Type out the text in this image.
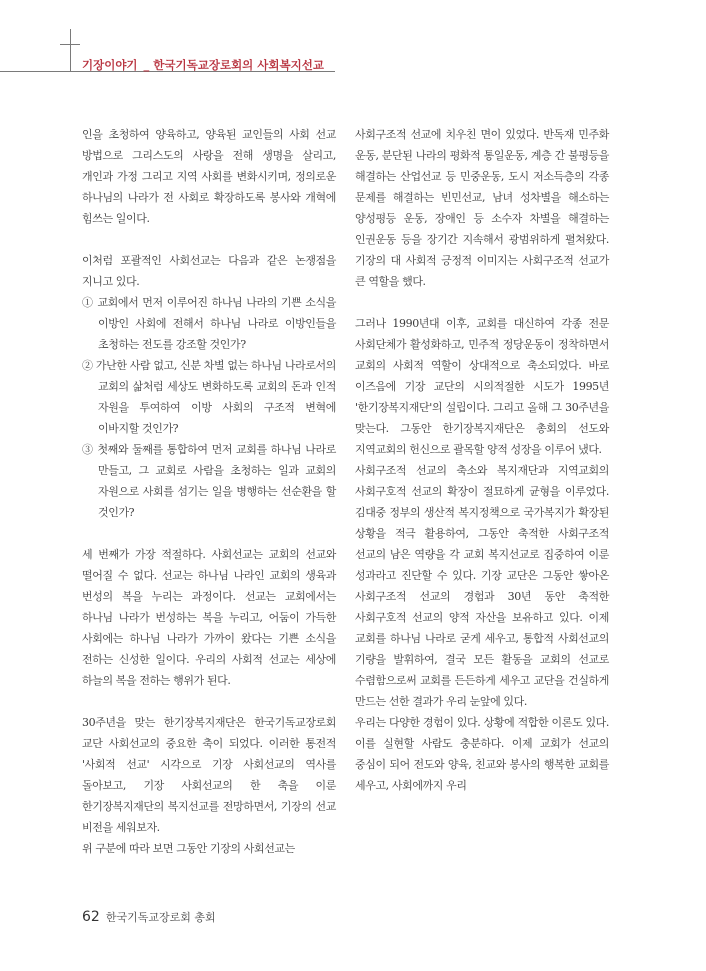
기장이야기 _ 한국기독교장로회의 사회복지선교

인을 초청하여 양육하고, 양육된 교인들의 사회 선교 방법으로 그리스도의 사랑을 전해 생명을 살리고, 개인과 가정 그리고 지역 사회를 변화시키며, 정의로운 하나님의 나라가 전 사회로 확장하도록 봉사와 개혁에 힘쓰는 일이다.

이처럼 포괄적인 사회선교는 다음과 같은 논쟁점을 지니고 있다.

① 교회에서 먼저 이루어진 하나님 나라의 기쁜 소식을 이방인 사회에 전해서 하나님 나라로 이방인들을 초청하는 전도를 강조할 것인가?

② 가난한 사람 없고, 신분 차별 없는 하나님 나라로서의 교회의 삶처럼 세상도 변화하도록 교회의 돈과 인적 자원을 투여하여 이방 사회의 구조적 변혁에 이바지할 것인가?

③ 첫째와 둘째를 통합하여 먼저 교회를 하나님 나라로 만들고, 그 교회로 사람을 초청하는 일과 교회의 자원으로 사회를 섬기는 일을 병행하는 선순환을 할 것인가?

세 번째가 가장 적절하다. 사회선교는 교회의 선교와 떨어질 수 없다. 선교는 하나님 나라인 교회의 생육과 번성의 복을 누리는 과정이다. 선교는 교회에서는 하나님 나라가 번성하는 복을 누리고, 어둠이 가득한 사회에는 하나님 나라가 가까이 왔다는 기쁜 소식을 전하는 신성한 일이다. 우리의 사회적 선교는 세상에 하늘의 복을 전하는 행위가 된다.

30주년을 맞는 한기장복지재단은 한국기독교장로회 교단 사회선교의 중요한 축이 되었다. 이러한 통전적 '사회적 선교' 시각으로 기장 사회선교의 역사를 돌아보고, 기장 사회선교의 한 축을 이룬 한기장복지재단의 복지선교를 전망하면서, 기장의 선교 비전을 세워보자.

위 구분에 따라 보면 그동안 기장의 사회선교는

사회구조적 선교에 치우친 면이 있었다. 반독재 민주화 운동, 분단된 나라의 평화적 통일운동, 계층 간 불평등을 해결하는 산업선교 등 민중운동, 도시 저소득층의 각종 문제를 해결하는 빈민선교, 남녀 성차별을 해소하는 양성평등 운동, 장애인 등 소수자 차별을 해결하는 인권운동 등을 장기간 지속해서 광범위하게 펼쳐왔다. 기장의 대 사회적 긍정적 이미지는 사회구조적 선교가 큰 역할을 했다.

그러나 1990년대 이후, 교회를 대신하여 각종 전문 사회단체가 활성화하고, 민주적 정당운동이 정착하면서 교회의 사회적 역할이 상대적으로 축소되었다. 바로 이즈음에 기장 교단의 시의적절한 시도가 1995년 '한기장복지재단'의 설립이다. 그리고 올해 그 30주년을 맞는다. 그동안 한기장복지재단은 총회의 선도와 지역교회의 헌신으로 괄목할 양적 성장을 이루어 냈다.

사회구조적 선교의 축소와 복지재단과 지역교회의 사회구호적 선교의 확장이 절묘하게 균형을 이루었다. 김대중 정부의 생산적 복지정책으로 국가복지가 확장된 상황을 적극 활용하여, 그동안 축적한 사회구조적 선교의 남은 역량을 각 교회 복지선교로 집중하여 이룬 성과라고 진단할 수 있다. 기장 교단은 그동안 쌓아온 사회구조적 선교의 경험과 30년 동안 축적한 사회구호적 선교의 양적 자산을 보유하고 있다. 이제 교회를 하나님 나라로 굳게 세우고, 통합적 사회선교의 기량을 발휘하여, 결국 모든 활동을 교회의 선교로 수렴함으로써 교회를 든든하게 세우고 교단을 건실하게 만드는 선한 결과가 우리 눈앞에 있다.

우리는 다양한 경험이 있다. 상황에 적합한 이론도 있다. 이를 실현할 사람도 충분하다. 이제 교회가 선교의 중심이 되어 전도와 양육, 친교와 봉사의 행복한 교회를 세우고, 사회에까지 우리

62 한국기독교장로회 총회
